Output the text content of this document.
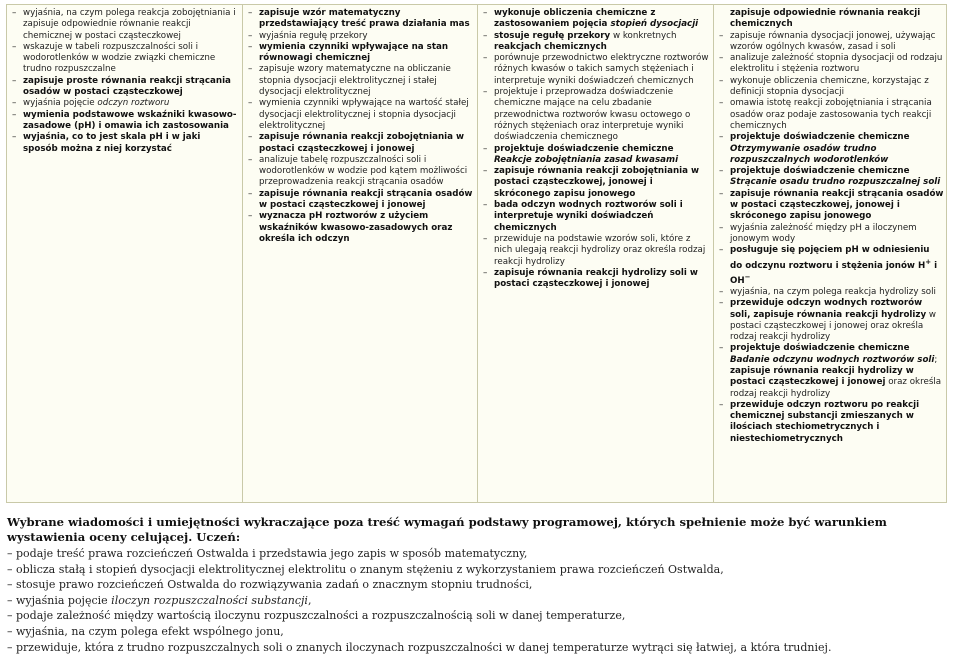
– wyjaśnia, na czym polega reakcja zobojętniania i zapisuje odpowiednie równanie reakcji chemicznej w postaci cząsteczkowej
– wskazuje w tabeli rozpuszczalności soli i wodorotlenków w wodzie związki chemiczne trudno rozpuszczalne
– zapisuje proste równania reakcji strącania osadów w postaci cząsteczkowej
– wyjaśnia pojęcie odczyn roztworu
– wymienia podstawowe wskaźniki kwasowo-zasadowe (pH) i omawia ich zastosowania
– wyjaśnia, co to jest skala pH i w jaki sposób można z niej korzystać
– zapisuje wzór matematyczny przedstawiający treść prawa działania mas
– wyjaśnia regułę przekory
– wymienia czynniki wpływające na stan równowagi chemicznej
– zapisuje wzory matematyczne na obliczanie stopnia dysocjacji elektrolitycznej i stałej dysocjacji elektrolitycznej
– wymienia czynniki wpływające na wartość stałej dysocjacji elektrolitycznej i stopnia dysocjacji elektrolitycznej
– zapisuje równania reakcji zobojętniania w postaci cząsteczkowej i jonowej
– analizuje tabelę rozpuszczalności soli i wodorotlenków w wodzie pod kątem możliwości przeprowadzenia reakcji strącania osadów
– zapisuje równania reakcji strącania osadów w postaci cząsteczkowej i jonowej
– wyznacza pH roztworów z użyciem wskaźników kwasowo-zasadowych oraz określa ich odczyn
– wykonuje obliczenia chemiczne z zastosowaniem pojęcia stopień dysocjacji
– stosuje regułę przekory w konkretnych reakcjach chemicznych
– porównuje przewodnictwo elektryczne roztworów różnych kwasów o takich samych stężeniach i interpretuje wyniki doświadczeń chemicznych
– projektuje i przeprowadza doświadczenie chemiczne mające na celu zbadanie przewodnictwa roztworów kwasu octowego o różnych stężeniach oraz interpretuje wyniki doświadczenia chemicznego
– projektuje doświadczenie chemiczne Reakcje zobojętniania zasad kwasami
– zapisuje równania reakcji zobojętniania w postaci cząsteczkowej, jonowej i skróconego zapisu jonowego
– bada odczyn wodnych roztworów soli i interpretuje wyniki doświadczeń chemicznych
– przewiduje na podstawie wzorów soli, które z nich ulegają reakcji hydrolizy oraz określa rodzaj reakcji hydrolizy
– zapisuje równania reakcji hydrolizy soli w postaci cząsteczkowej i jonowej
zapisuje odpowiednie równania reakcji chemicznych
– zapisuje równania dysocjacji jonowej, używając wzorów ogólnych kwasów, zasad i soli
– analizuje zależność stopnia dysocjacji od rodzaju elektrolitu i stężenia roztworu
– wykonuje obliczenia chemiczne, korzystając z definicji stopnia dysocjacji
– omawia istotę reakcji zobojętniania i strącania osadów oraz podaje zastosowania tych reakcji chemicznych
– projektuje doświadczenie chemiczne Otrzymywanie osadów trudno rozpuszczalnych wodorotlenków
– projektuje doświadczenie chemiczne Strącanie osadu trudno rozpuszczalnej soli
– zapisuje równania reakcji strącania osadów w postaci cząsteczkowej, jonowej i skróconego zapisu jonowego
– wyjaśnia zależność między pH a iloczynem jonowym wody
– posługuje się pojęciem pH w odniesieniu do odczynu roztworu i stężenia jonów H+ i OH−
– wyjaśnia, na czym polega reakcja hydrolizy soli
– przewiduje odczyn wodnych roztworów soli, zapisuje równania reakcji hydrolizy w postaci cząsteczkowej i jonowej oraz określa rodzaj reakcji hydrolizy
– projektuje doświadczenie chemiczne Badanie odczynu wodnych roztworów soli; zapisuje równania reakcji hydrolizy w postaci cząsteczkowej i jonowej oraz określa rodzaj reakcji hydrolizy
– przewiduje odczyn roztworu po reakcji chemicznej substancji zmieszanych w ilościach stechiometrycznych i niestechiometrycznych
Wybrane wiadomości i umiejętności wykraczające poza treść wymagań podstawy programowej, których spełnienie może być warunkiem wystawienia oceny celującej. Uczeń:
– podaje treść prawa rozcieńczeń Ostwalda i przedstawia jego zapis w sposób matematyczny,
– oblicza stałą i stopień dysocjacji elektrolitycznej elektrolitu o znanym stężeniu z wykorzystaniem prawa rozcieńczeń Ostwalda,
– stosuje prawo rozcieńczeń Ostwalda do rozwiązywania zadań o znacznym stopniu trudności,
– wyjaśnia pojęcie iloczyn rozpuszczalności substancji,
– podaje zależność między wartością iloczynu rozpuszczalności a rozpuszczalnością soli w danej temperaturze,
– wyjaśnia, na czym polega efekt wspólnego jonu,
– przewiduje, która z trudno rozpuszczalnych soli o znanych iloczynach rozpuszczalności w danej temperaturze wytrąci się łatwiej, a która trudniej.
